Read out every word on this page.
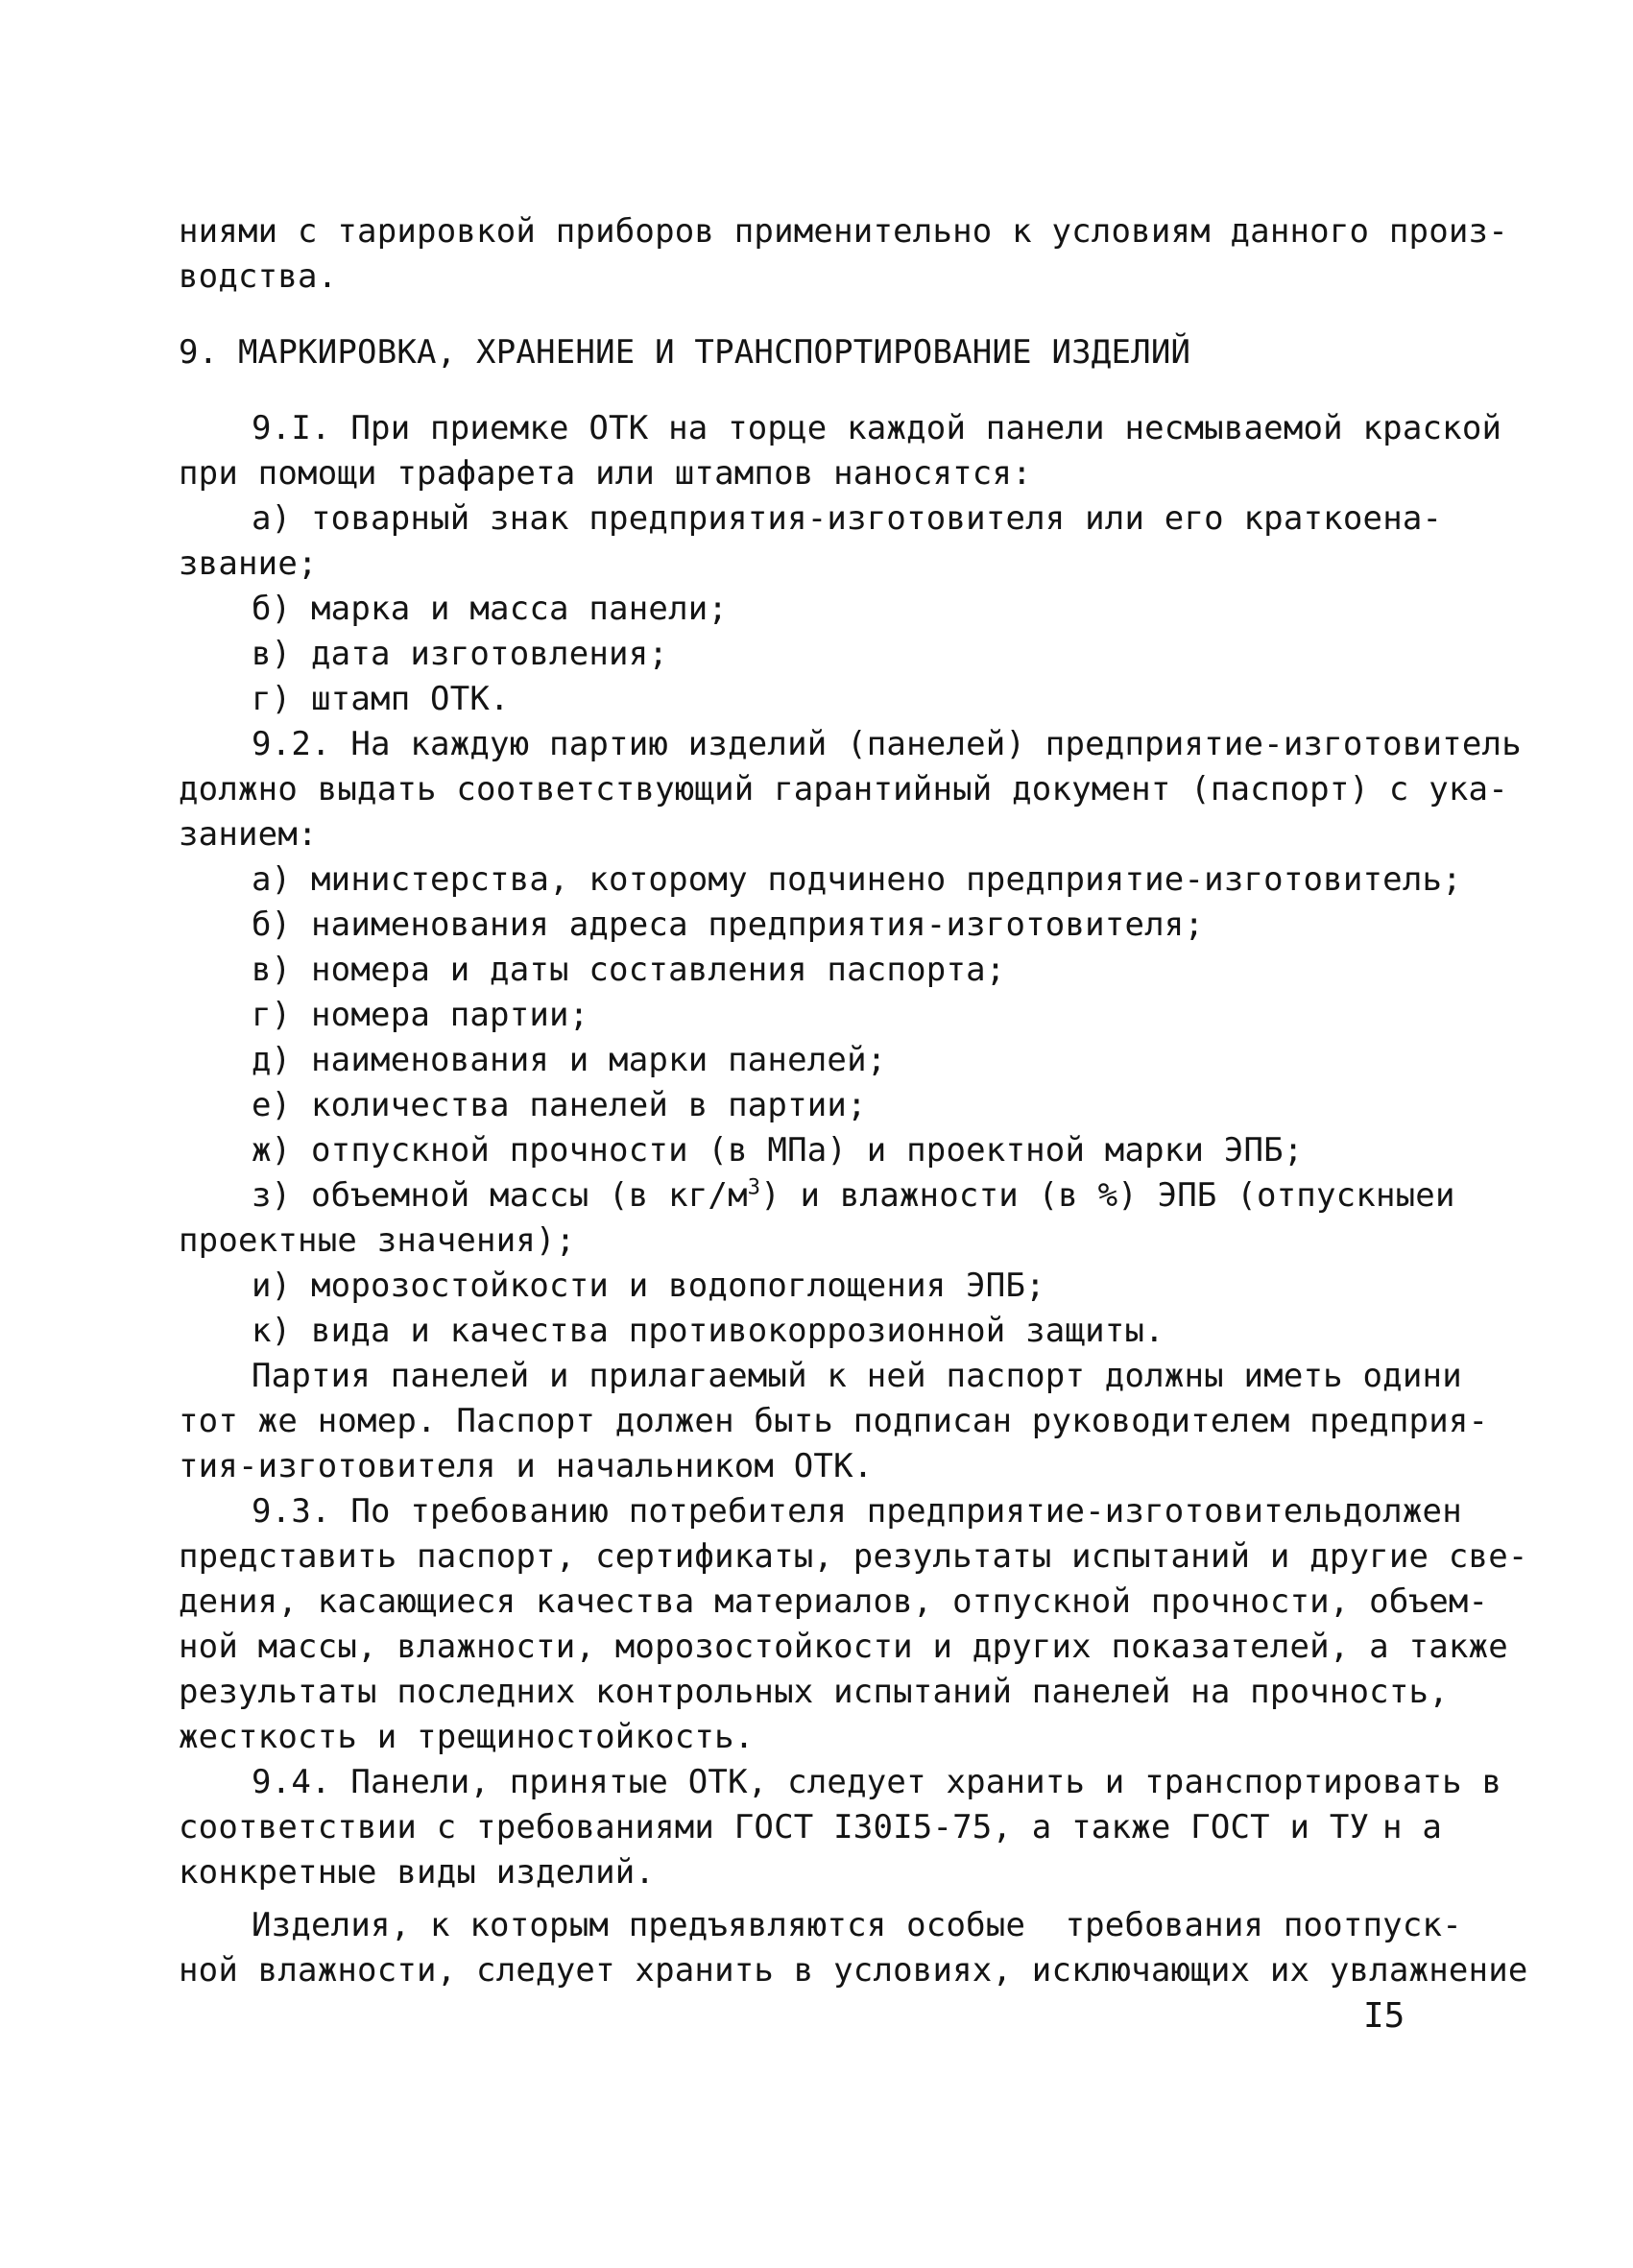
ниями с тарировкой приборов применительно к условиям данного произ-
водства.
9. МАРКИРОВКА, ХРАНЕНИЕ И ТРАНСПОРТИРОВАНИЕ ИЗДЕЛИЙ
9.I. При приемке ОТК на торце каждой панели несмываемой краской
при помощи трафарета или штампов наносятся:
а) товарный знак предприятия-изготовителя или его краткое на-
звание;
б) марка и масса панели;
в) дата изготовления;
г) штамп ОТК.
9.2. На каждую партию изделий (панелей) предприятие-изготовитель
должно выдать соответствующий гарантийный документ (паспорт) с ука-
занием:
а) министерства, которому подчинено предприятие-изготовитель;
б) наименования адреса предприятия-изготовителя;
в) номера и даты составления паспорта;
г) номера партии;
д) наименования и марки панелей;
е) количества панелей в партии;
ж) отпускной прочности (в МПа) и проектной марки ЭПБ;
з) объемной массы (в $кг/м^3$) и влажности (в %) ЭПБ (отпускные и
проектные значения);
и) морозостойкости и водопоглощения ЭПБ;
к) вида и качества противокоррозионной защиты.
Партия панелей и прилагаемый к ней паспорт должны иметь один и
тот же номер. Паспорт должен быть подписан руководителем предприя -
тия-изготовителя и начальником ОТК.
9.3. По требованию потребителя предприятие-изготовитель должен
представить паспорт, сертификаты, результаты испытаний и другие све-
дения, касающиеся качества материалов, отпускной прочности, объем -
ной массы, влажности, морозостойкости и других показателей, а также
результаты последних контрольных испытаний панелей на прочность,
жесткость и трещиностойкость.
9.4. Панели, принятые ОТК, следует хранить и транспортировать в
соответствии с требованиями ГОСТ I30I5-75, а также ГОСТ и ТУ н а
конкретные виды изделий.
Изделия, к которым предъявляются особые  требования по отпуск-
ной влажности, следует хранить в условиях, исключающих их увлажнение
I5
